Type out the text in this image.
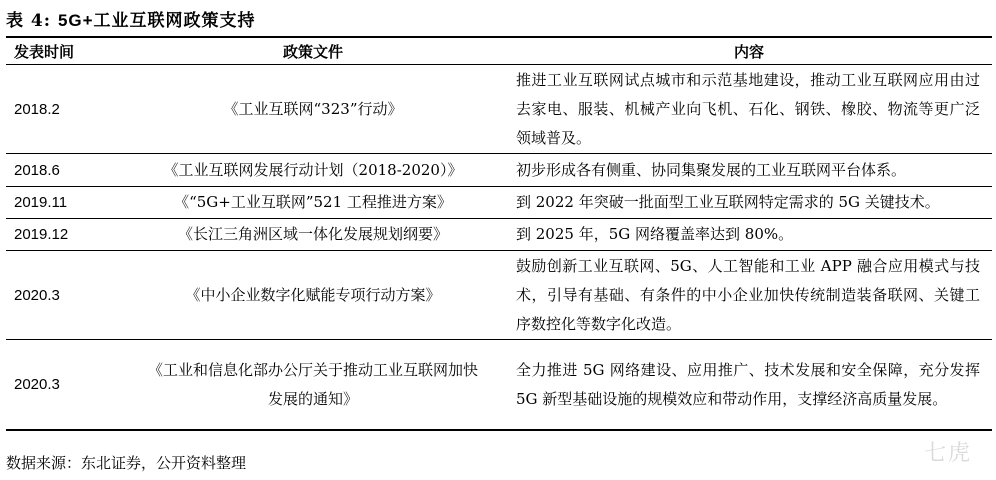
表 4: 5G+工业互联网政策支持
发表时间	政策文件	内容
2018.2	《工业互联网“323”行动》	推进工业互联网试点城市和示范基地建设，推动工业互联网应用由过去家电、服装、机械产业向飞机、石化、钢铁、橡胶、物流等更广泛领域普及。
2018.6	《工业互联网发展行动计划（2018-2020）》	初步形成各有侧重、协同集聚发展的工业互联网平台体系。
2019.11	《“5G+工业互联网”521 工程推进方案》	到 2022 年突破一批面型工业互联网特定需求的 5G 关键技术。
2019.12	《长江三角洲区域一体化发展规划纲要》	到 2025 年，5G 网络覆盖率达到 80%。
2020.3	《中小企业数字化赋能专项行动方案》	鼓励创新工业互联网、5G、人工智能和工业 APP 融合应用模式与技术，引导有基础、有条件的中小企业加快传统制造装备联网、关键工序数控化等数字化改造。
2020.3	《工业和信息化部办公厅关于推动工业互联网加快发展的通知》	全力推进 5G 网络建设、应用推广、技术发展和安全保障，充分发挥 5G 新型基础设施的规模效应和带动作用，支撑经济高质量发展。
数据来源：东北证券，公开资料整理	七虎
